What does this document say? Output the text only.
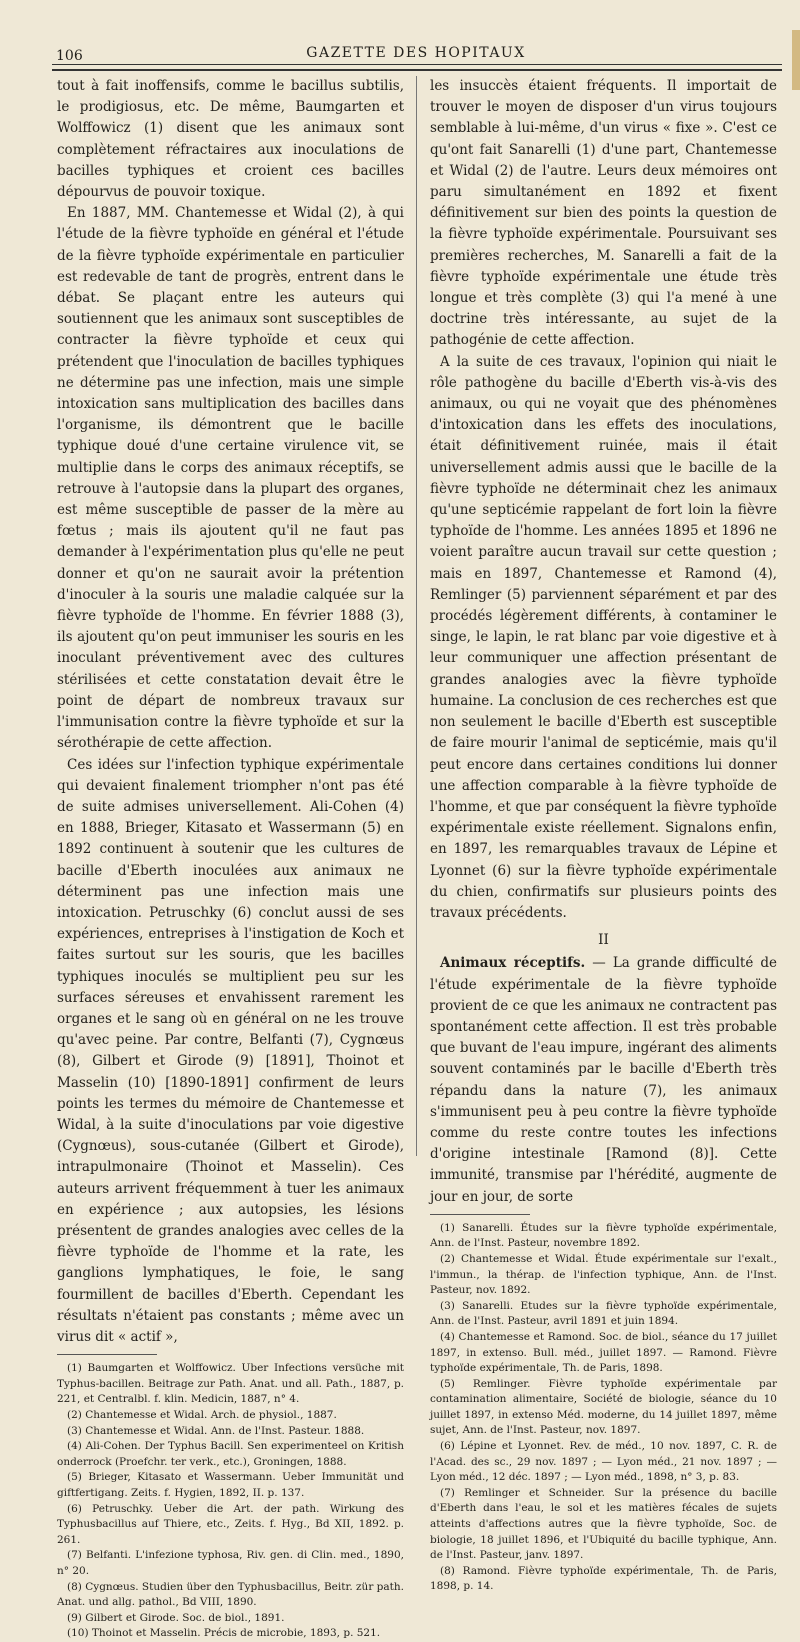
106	GAZETTE DES HOPITAUX

tout à fait inoffensifs, comme le bacillus subtilis, le prodigiosus, etc. De même, Baumgarten et Wolffowicz (1) disent que les animaux sont complètement réfractaires aux inoculations de bacilles typhiques et croient ces bacilles dépourvus de pouvoir toxique.

En 1887, MM. Chantemesse et Widal (2), à qui l'étude de la fièvre typhoïde en général et l'étude de la fièvre typhoïde expérimentale en particulier est redevable de tant de progrès, entrent dans le débat. Se plaçant entre les auteurs qui soutiennent que les animaux sont susceptibles de contracter la fièvre typhoïde et ceux qui prétendent que l'inoculation de bacilles typhiques ne détermine pas une infection, mais une simple intoxication sans multiplication des bacilles dans l'organisme, ils démontrent que le bacille typhique doué d'une certaine virulence vit, se multiplie dans le corps des animaux réceptifs, se retrouve à l'autopsie dans la plupart des organes, est même susceptible de passer de la mère au fœtus ; mais ils ajoutent qu'il ne faut pas demander à l'expérimentation plus qu'elle ne peut donner et qu'on ne saurait avoir la prétention d'inoculer à la souris une maladie calquée sur la fièvre typhoïde de l'homme. En février 1888 (3), ils ajoutent qu'on peut immuniser les souris en les inoculant préventivement avec des cultures stérilisées et cette constatation devait être le point de départ de nombreux travaux sur l'immunisation contre la fièvre typhoïde et sur la sérothérapie de cette affection.

Ces idées sur l'infection typhique expérimentale qui devaient finalement triompher n'ont pas été de suite admises universellement. Ali-Cohen (4) en 1888, Brieger, Kitasato et Wassermann (5) en 1892 continuent à soutenir que les cultures de bacille d'Eberth inoculées aux animaux ne déterminent pas une infection mais une intoxication. Petruschky (6) conclut aussi de ses expériences, entreprises à l'instigation de Koch et faites surtout sur les souris, que les bacilles typhiques inoculés se multiplient peu sur les surfaces séreuses et envahissent rarement les organes et le sang où en général on ne les trouve qu'avec peine. Par contre, Belfanti (7), Cygnœus (8), Gilbert et Girode (9) [1891], Thoinot et Masselin (10) [1890-1891] confirment de leurs points les termes du mémoire de Chantemesse et Widal, à la suite d'inoculations par voie digestive (Cygnœus), sous-cutanée (Gilbert et Girode), intrapulmonaire (Thoinot et Masselin). Ces auteurs arrivent fréquemment à tuer les animaux en expérience ; aux autopsies, les lésions présentent de grandes analogies avec celles de la fièvre typhoïde de l'homme et la rate, les ganglions lymphatiques, le foie, le sang fourmillent de bacilles d'Eberth. Cependant les résultats n'étaient pas constants ; même avec un virus dit « actif »,

(1) Baumgarten et Wolffowicz. Uber Infections versüche mit Typhus-bacillen. Beitrage zur Path. Anat. und all. Path., 1887, p. 221, et Centralbl. f. klin. Medicin, 1887, n° 4.

(2) Chantemesse et Widal. Arch. de physiol., 1887.

(3) Chantemesse et Widal. Ann. de l'Inst. Pasteur. 1888.

(4) Ali-Cohen. Der Typhus Bacill. Sen experimenteel on Kritish onderrock (Proefchr. ter verk., etc.), Groningen, 1888.

(5) Brieger, Kitasato et Wassermann. Ueber Immunität und giftfertigang. Zeits. f. Hygien, 1892, II. p. 137.

(6) Petruschky. Ueber die Art. der path. Wirkung des Typhusbacillus auf Thiere, etc., Zeits. f. Hyg., Bd XII, 1892. p. 261.

(7) Belfanti. L'infezione typhosa, Riv. gen. di Clin. med., 1890, n° 20.

(8) Cygnœus. Studien über den Typhusbacillus, Beitr. zür path. Anat. und allg. pathol., Bd VIII, 1890.

(9) Gilbert et Girode. Soc. de biol., 1891.

(10) Thoinot et Masselin. Précis de microbie, 1893, p. 521.

les insuccès étaient fréquents. Il importait de trouver le moyen de disposer d'un virus toujours semblable à lui-même, d'un virus « fixe ». C'est ce qu'ont fait Sanarelli (1) d'une part, Chantemesse et Widal (2) de l'autre. Leurs deux mémoires ont paru simultanément en 1892 et fixent définitivement sur bien des points la question de la fièvre typhoïde expérimentale. Poursuivant ses premières recherches, M. Sanarelli a fait de la fièvre typhoïde expérimentale une étude très longue et très complète (3) qui l'a mené à une doctrine très intéressante, au sujet de la pathogénie de cette affection.

A la suite de ces travaux, l'opinion qui niait le rôle pathogène du bacille d'Eberth vis-à-vis des animaux, ou qui ne voyait que des phénomènes d'intoxication dans les effets des inoculations, était définitivement ruinée, mais il était universellement admis aussi que le bacille de la fièvre typhoïde ne déterminait chez les animaux qu'une septicémie rappelant de fort loin la fièvre typhoïde de l'homme. Les années 1895 et 1896 ne voient paraître aucun travail sur cette question ; mais en 1897, Chantemesse et Ramond (4), Remlinger (5) parviennent séparément et par des procédés légèrement différents, à contaminer le singe, le lapin, le rat blanc par voie digestive et à leur communiquer une affection présentant de grandes analogies avec la fièvre typhoïde humaine. La conclusion de ces recherches est que non seulement le bacille d'Eberth est susceptible de faire mourir l'animal de septicémie, mais qu'il peut encore dans certaines conditions lui donner une affection comparable à la fièvre typhoïde de l'homme, et que par conséquent la fièvre typhoïde expérimentale existe réellement. Signalons enfin, en 1897, les remarquables travaux de Lépine et Lyonnet (6) sur la fièvre typhoïde expérimentale du chien, confirmatifs sur plusieurs points des travaux précédents.

II

Animaux réceptifs. — La grande difficulté de l'étude expérimentale de la fièvre typhoïde provient de ce que les animaux ne contractent pas spontanément cette affection. Il est très probable que buvant de l'eau impure, ingérant des aliments souvent contaminés par le bacille d'Eberth très répandu dans la nature (7), les animaux s'immunisent peu à peu contre la fièvre typhoïde comme du reste contre toutes les infections d'origine intestinale [Ramond (8)]. Cette immunité, transmise par l'hérédité, augmente de jour en jour, de sorte

(1) Sanarelli. Études sur la fièvre typhoïde expérimentale, Ann. de l'Inst. Pasteur, novembre 1892.

(2) Chantemesse et Widal. Étude expérimentale sur l'exalt., l'immun., la thérap. de l'infection typhique, Ann. de l'Inst. Pasteur, nov. 1892.

(3) Sanarelli. Etudes sur la fièvre typhoïde expérimentale, Ann. de l'Inst. Pasteur, avril 1891 et juin 1894.

(4) Chantemesse et Ramond. Soc. de biol., séance du 17 juillet 1897, in extenso. Bull. méd., juillet 1897. — Ramond. Fièvre typhoïde expérimentale, Th. de Paris, 1898.

(5) Remlinger. Fièvre typhoïde expérimentale par contamination alimentaire, Société de biologie, séance du 10 juillet 1897, in extenso Méd. moderne, du 14 juillet 1897, même sujet, Ann. de l'Inst. Pasteur, nov. 1897.

(6) Lépine et Lyonnet. Rev. de méd., 10 nov. 1897, C. R. de l'Acad. des sc., 29 nov. 1897 ; — Lyon méd., 21 nov. 1897 ; — Lyon méd., 12 déc. 1897 ; — Lyon méd., 1898, n° 3, p. 83.

(7) Remlinger et Schneider. Sur la présence du bacille d'Eberth dans l'eau, le sol et les matières fécales de sujets atteints d'affections autres que la fièvre typhoïde, Soc. de biologie, 18 juillet 1896, et l'Ubiquité du bacille typhique, Ann. de l'Inst. Pasteur, janv. 1897.

(8) Ramond. Fièvre typhoïde expérimentale, Th. de Paris, 1898, p. 14.
